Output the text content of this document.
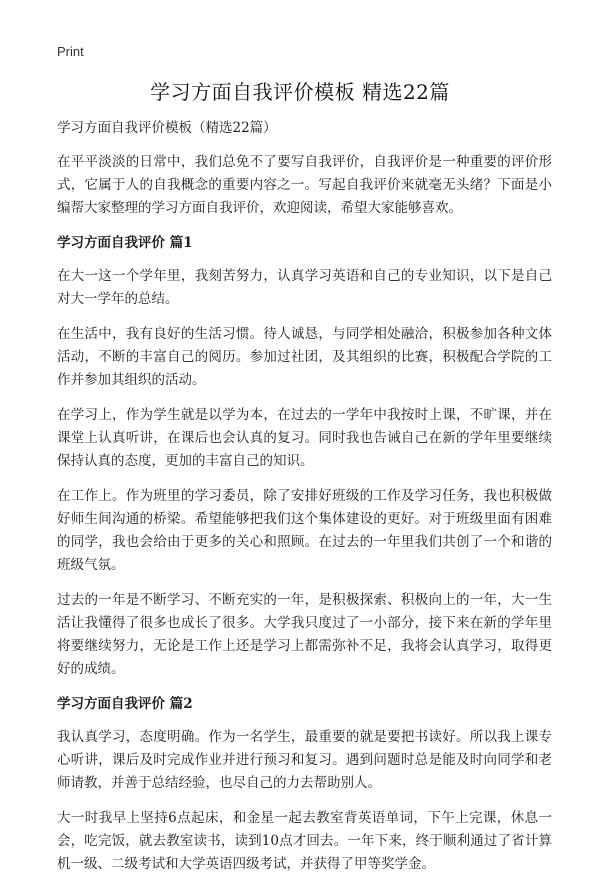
Print
学习方面自我评价模板 精选22篇

学习方面自我评价模板（精选22篇）

在平平淡淡的日常中，我们总免不了要写自我评价，自我评价是一种重要的评价形式，它属于人的自我概念的重要内容之一。写起自我评价来就毫无头绪？下面是小编帮大家整理的学习方面自我评价，欢迎阅读，希望大家能够喜欢。

学习方面自我评价 篇1

在大一这一个学年里，我刻苦努力，认真学习英语和自己的专业知识，以下是自己对大一学年的总结。

在生活中，我有良好的生活习惯。待人诚恳，与同学相处融洽，积极参加各种文体活动，不断的丰富自己的阅历。参加过社团，及其组织的比赛，积极配合学院的工作并参加其组织的活动。

在学习上，作为学生就是以学为本，在过去的一学年中我按时上课，不旷课，并在课堂上认真听讲，在课后也会认真的复习。同时我也告诫自己在新的学年里要继续保持认真的态度，更加的丰富自己的知识。

在工作上。作为班里的学习委员，除了安排好班级的工作及学习任务，我也积极做好师生间沟通的桥梁。希望能够把我们这个集体建设的更好。对于班级里面有困难的同学，我也会给由于更多的关心和照顾。在过去的一年里我们共创了一个和谐的班级气氛。

过去的一年是不断学习、不断充实的一年，是积极探索、积极向上的一年，大一生活让我懂得了很多也成长了很多。大学我只度过了一小部分，接下来在新的学年里将要继续努力，无论是工作上还是学习上都需弥补不足，我将会认真学习，取得更好的成绩。

学习方面自我评价 篇2

我认真学习，态度明确。作为一名学生，最重要的就是要把书读好。所以我上课专心听讲，课后及时完成作业并进行预习和复习。遇到问题时总是能及时向同学和老师请教，并善于总结经验，也尽自己的力去帮助别人。

大一时我早上坚持6点起床，和金星一起去教室背英语单词，下午上完课，休息一会，吃完饭，就去教室读书，读到10点才回去。一年下来，终于顺利通过了省计算机一级、二级考试和大学英语四级考试，并获得了甲等奖学金。
